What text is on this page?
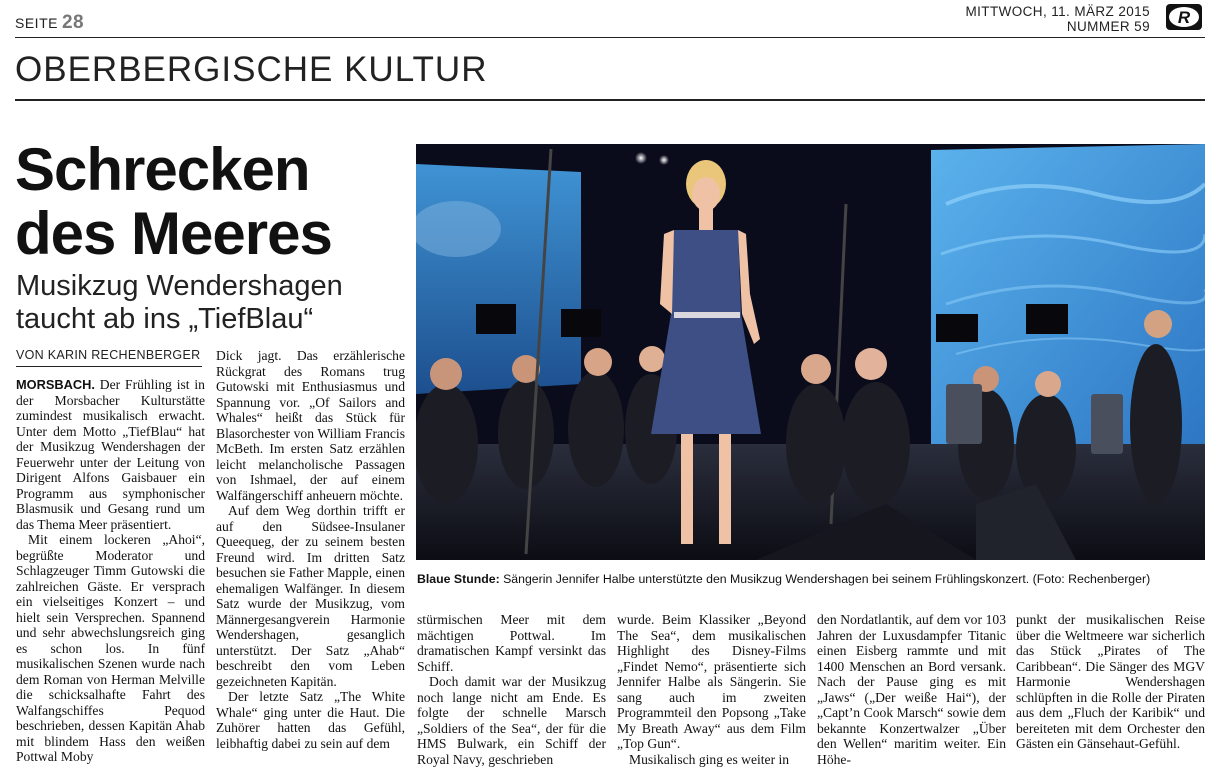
SEITE 28
MITTWOCH, 11. MÄRZ 2015
NUMMER 59 R
OBERBERGISCHE KULTUR
Schrecken
des Meeres
Musikzug Wendershagen
taucht ab ins „TiefBlau“
VON KARIN RECHENBERGER

MORSBACH. Der Frühling ist in der Morsbacher Kulturstätte zumindest musikalisch erwacht. Unter dem Motto „TiefBlau“ hat der Musikzug Wendershagen der Feuerwehr unter der Leitung von Dirigent Alfons Gaisbauer ein Programm aus symphonischer Blasmusik und Gesang rund um das Thema Meer präsentiert.

Mit einem lockeren „Ahoi“, begrüßte Moderator und Schlagzeuger Timm Gutowski die zahlreichen Gäste. Er versprach ein vielseitiges Konzert – und hielt sein Versprechen. Spannend und sehr abwechslungsreich ging es schon los. In fünf musikalischen Szenen wurde nach dem Roman von Herman Melville die schicksalhafte Fahrt des Walfangschiffes Pequod beschrieben, dessen Kapitän Ahab mit blindem Hass den weißen Pottwal Moby

Dick jagt. Das erzählerische Rückgrat des Romans trug Gutowski mit Enthusiasmus und Spannung vor. „Of Sailors and Whales“ heißt das Stück für Blasorchester von William Francis McBeth. Im ersten Satz erzählen leicht melancholische Passagen von Ishmael, der auf einem Walfängerschiff anheuern möchte.

Auf dem Weg dorthin trifft er auf den Südsee-Insulaner Queequeg, der zu seinem besten Freund wird. Im dritten Satz besuchen sie Father Mapple, einen ehemaligen Walfänger. In diesem Satz wurde der Musikzug, vom Männergesangverein Harmonie Wendershagen, gesanglich unterstützt. Der Satz „Ahab“ beschreibt den vom Leben gezeichneten Kapitän.

Der letzte Satz „The White Whale“ ging unter die Haut. Die Zuhörer hatten das Gefühl, leibhaftig dabei zu sein auf dem

stürmischen Meer mit dem mächtigen Pottwal. Im dramatischen Kampf versinkt das Schiff.

Doch damit war der Musikzug noch lange nicht am Ende. Es folgte der schnelle Marsch „Soldiers of the Sea“, der für die HMS Bulwark, ein Schiff der Royal Navy, geschrieben

wurde. Beim Klassiker „Beyond The Sea“, dem musikalischen Highlight des Disney-Films „Findet Nemo“, präsentierte sich Jennifer Halbe als Sängerin. Sie sang auch im zweiten Programmteil den Popsong „Take My Breath Away“ aus dem Film „Top Gun“.

Musikalisch ging es weiter in

den Nordatlantik, auf dem vor 103 Jahren der Luxusdampfer Titanic einen Eisberg rammte und mit 1400 Menschen an Bord versank. Nach der Pause ging es mit „Jaws“ („Der weiße Hai“), der „Capt’n Cook Marsch“ sowie dem bekannte Konzertwalzer „Über den Wellen“ maritim weiter. Ein Höhe-

punkt der musikalischen Reise über die Weltmeere war sicherlich das Stück „Pirates of The Caribbean“. Die Sänger des MGV Harmonie Wendershagen schlüpften in die Rolle der Piraten aus dem „Fluch der Karibik“ und bereiteten mit dem Orchester den Gästen ein Gänsehaut-Gefühl.

Blaue Stunde: Sängerin Jennifer Halbe unterstützte den Musikzug Wendershagen bei seinem Frühlingskonzert. (Foto: Rechenberger)
